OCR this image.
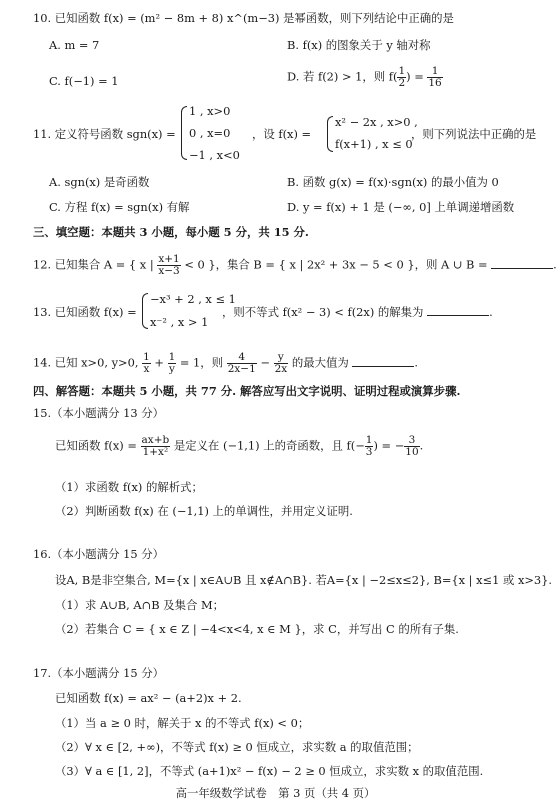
10. 已知函数 f(x) = (m² − 8m + 8) x^(m−3) 是幂函数，则下列结论中正确的是
A. m = 7	B. f(x) 的图象关于 y 轴对称
C. f(−1) = 1	D. 若 f(2) > 1，则 $f( \frac{1}{2}$ ) = $\frac{1}{16}$
11. 定义符号函数 sgn(x) =
1 , x>0
0 , x=0
−1 , x<0
，设 f(x) =
x² − 2x , x>0 ,
f(x+1) , x ≤ 0
，则下列说法中正确的是
A. sgn(x) 是奇函数	B. 函数 g(x) = f(x)·sgn(x) 的最小值为 0
C. 方程 f(x) = sgn(x) 有解	D. y = f(x) + 1 是 (−∞, 0] 上单调递增函数
三、填空题：本题共 3 小题，每小题 5 分，共 15 分.
12. 已知集合 A = { x | $\frac{x+1}{x-3} < 0$ }，集合 B = { x | 2x² + 3x − 5 < 0 }，则 A ∪ B =	.
13. 已知函数 f(x) =
−x³ + 2 , x ≤ 1
x⁻² , x > 1
，则不等式 f(x² − 3) < f(2x) 的解集为	.
14. 已知 x>0, y>0, $\frac{1}{x} + \frac{1}{y} = 1$，则 $\frac{4}{2x-1} - \frac{y}{2x}$ 的最大值为	.
四、解答题：本题共 5 小题，共 77 分. 解答应写出文字说明、证明过程或演算步骤.
15.（本小题满分 13 分）
已知函数 $f(x) = \frac{ax+b}{\text{1+x²}}$ 是定义在 (−1,1) 上的奇函数，且 $f(- \frac{1}{3}$ ) = − $\frac{3}{10}$ .
（1）求函数 f(x) 的解析式；
（2）判断函数 f(x) 在 (−1,1) 上的单调性，并用定义证明.
16.（本小题满分 15 分）
设A, B是非空集合, M={x | x∈A∪B 且 x∉A∩B}. 若A={x | −2≤x≤2}, B={x | x≤1 或 x>3}.
（1）求 A∪B, A∩B 及集合 M；
（2）若集合 C = { x ∈ Z | −4<x<4, x ∈ M }，求 C，并写出 C 的所有子集.
17.（本小题满分 15 分）
已知函数 f(x) = ax² − (a+2)x + 2.
（1）当 a ≥ 0 时，解关于 x 的不等式 f(x) < 0；
（2）∀ x ∈ [2, +∞)，不等式 f(x) ≥ 0 恒成立，求实数 a 的取值范围；
（3）∀ a ∈ [1, 2]，不等式 (a+1)x² − f(x) − 2 ≥ 0 恒成立，求实数 x 的取值范围.
高一年级数学试卷　第 3 页（共 4 页）
